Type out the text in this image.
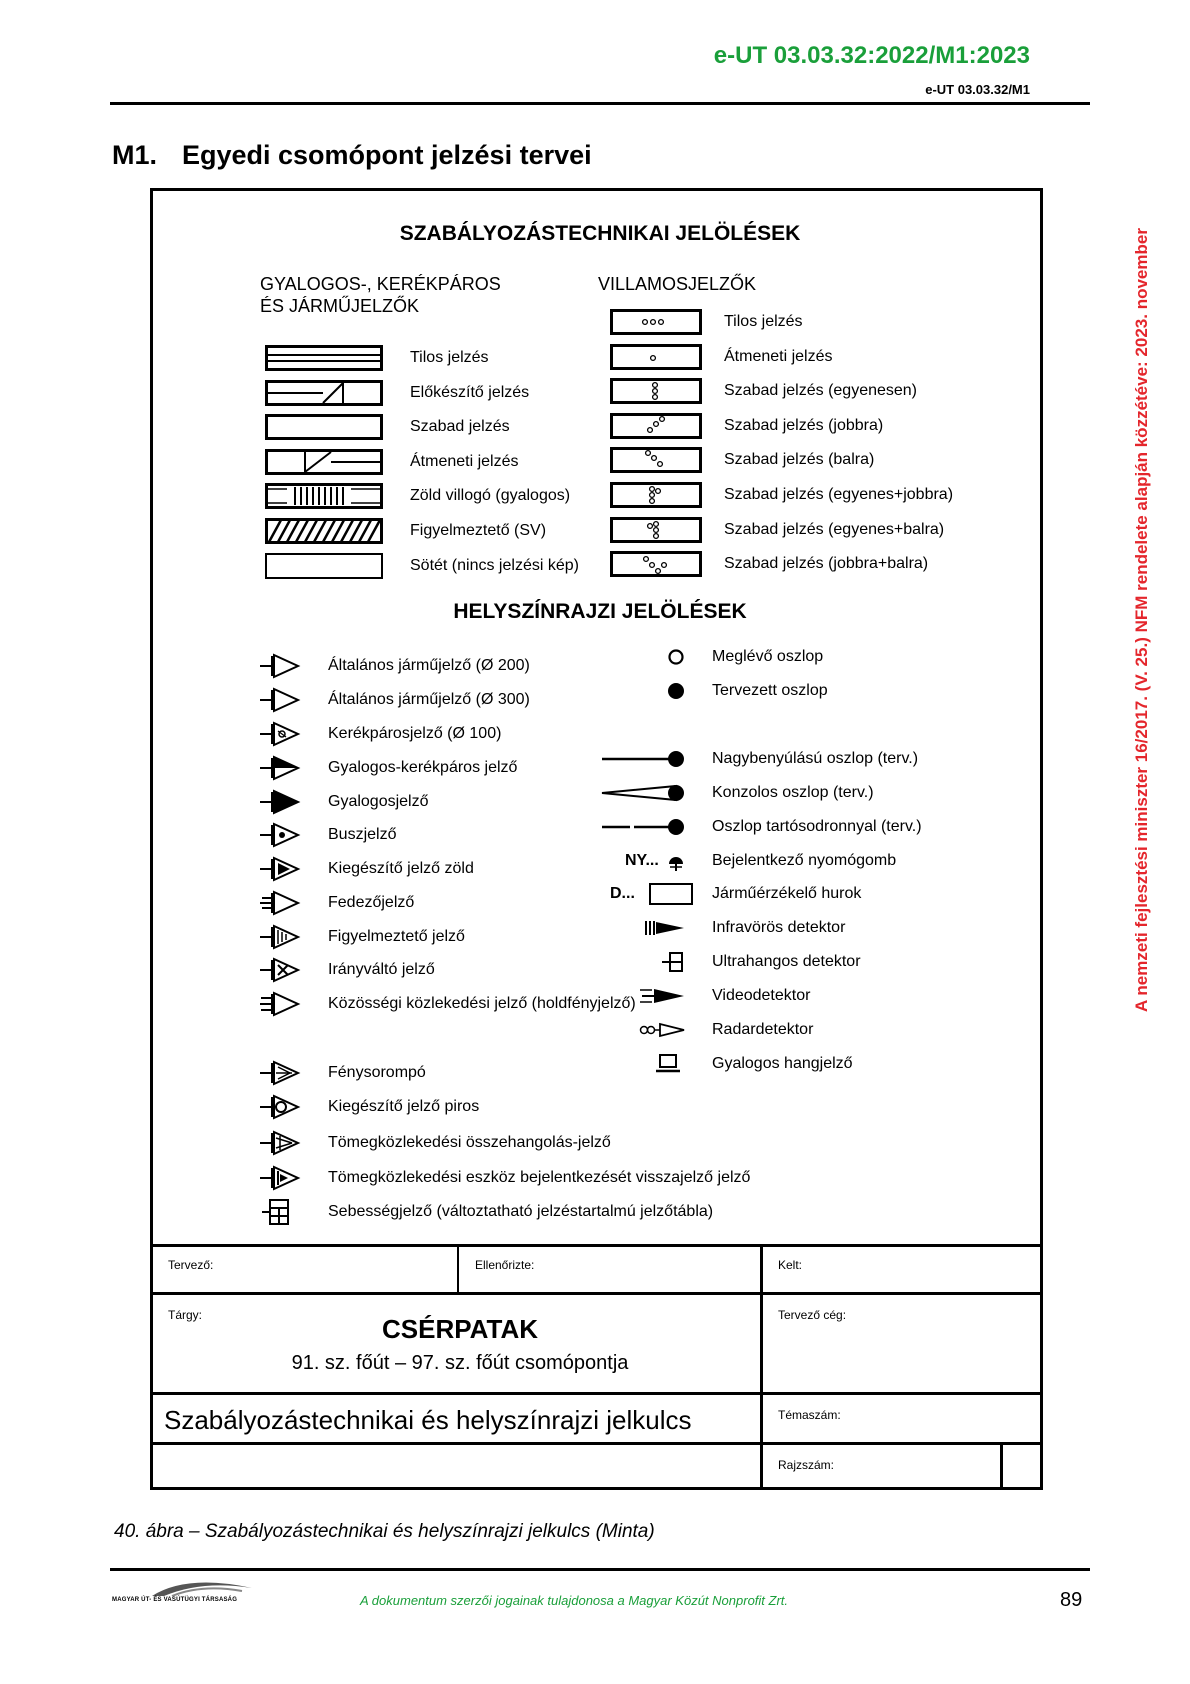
e-UT 03.03.32:2022/M1:2023
e-UT 03.03.32/M1
M1. Egyedi csomópont jelzési tervei
A nemzeti fejlesztési miniszter 16/2017. (V. 25.) NFM rendelete alapján közzétéve: 2023. november
SZABÁLYOZÁSTECHNIKAI JELÖLÉSEK
GYALOGOS-, KERÉKPÁROS
ÉS JÁRMŰJELZŐK
VILLAMOSJELZŐK
Tilos jelzés
Előkészítő jelzés
Szabad jelzés
Átmeneti jelzés
Zöld villogó (gyalogos)
Figyelmeztető (SV)
Sötét (nincs jelzési kép)
Tilos jelzés
Átmeneti jelzés
Szabad jelzés (egyenesen)
Szabad jelzés (jobbra)
Szabad jelzés (balra)
Szabad jelzés (egyenes+jobbra)
Szabad jelzés (egyenes+balra)
Szabad jelzés (jobbra+balra)
HELYSZÍNRAJZI JELÖLÉSEK
Általános járműjelző (Ø 200)
Általános járműjelző (Ø 300)
Kerékpárosjelző (Ø 100)
Gyalogos-kerékpáros jelző
Gyalogosjelző
Buszjelző
Kiegészítő jelző zöld
Fedezőjelző
Figyelmeztető jelző
Irányváltó jelző
Közösségi közlekedési jelző (holdfényjelző)
Fénysorompó
Kiegészítő jelző piros
Tömegközlekedési összehangolás-jelző
Tömegközlekedési eszköz bejelentkezését visszajelző jelző
Sebességjelző (változtatható jelzéstartalmú jelzőtábla)
Meglévő oszlop
Tervezett oszlop
Nagybenyúlású oszlop (terv.)
Konzolos oszlop (terv.)
Oszlop tartósodronnyal (terv.)
Bejelentkező nyomógomb
NY...
Járműérzékelő hurok
D...
Infravörös detektor
Ultrahangos detektor
Videodetektor
Radardetektor
Gyalogos hangjelző
Tervező:	Ellenőrizte:	Kelt:
Tárgy:	CSÉRPATAK
91. sz. főút – 97. sz. főút csomópontja
Tervező cég:
Szabályozástechnikai és helyszínrajzi jelkulcs	Témaszám:
Rajzszám:
40. ábra – Szabályozástechnikai és helyszínrajzi jelkulcs (Minta)
MAGYAR ÚT- ÉS VASÚTÜGYI TÁRSASÁG	A dokumentum szerzői jogainak tulajdonosa a Magyar Közút Nonprofit Zrt.	89
